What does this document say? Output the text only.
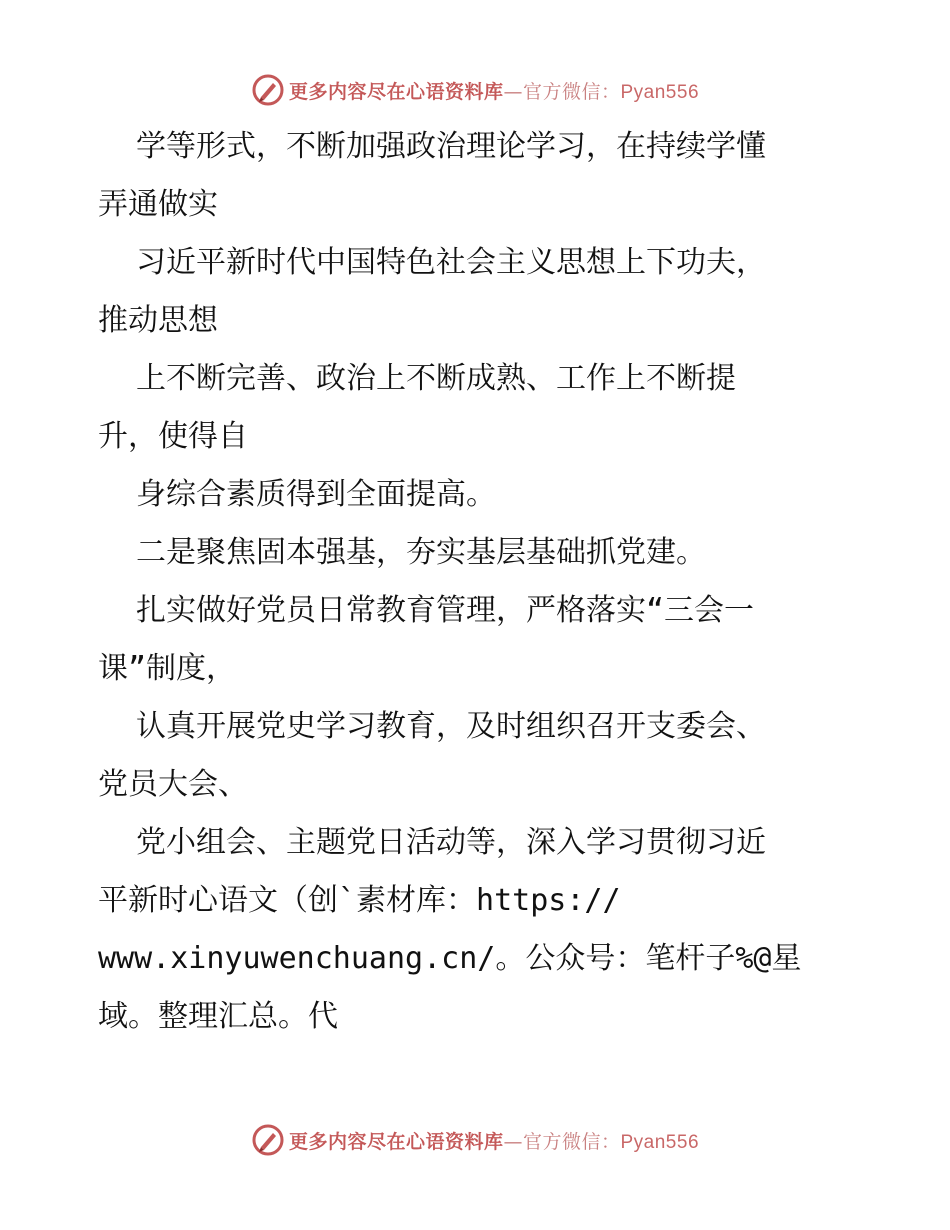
更多内容尽在心语资料库—官方微信：Pyan556
学等形式，不断加强政治理论学习，在持续学懂
弄通做实
习近平新时代中国特色社会主义思想上下功夫，
推动思想
上不断完善、政治上不断成熟、工作上不断提
升，使得自
身综合素质得到全面提高。
二是聚焦固本强基，夯实基层基础抓党建。
扎实做好党员日常教育管理，严格落实“三会一
课”制度，
认真开展党史学习教育，及时组织召开支委会、
党员大会、
党小组会、主题党日活动等，深入学习贯彻习近
平新时心语文（创`素材库：https://
www.xinyuwenchuang.cn/。公众号：笔杆子%@星
域。整理汇总。代
更多内容尽在心语资料库—官方微信：Pyan556
